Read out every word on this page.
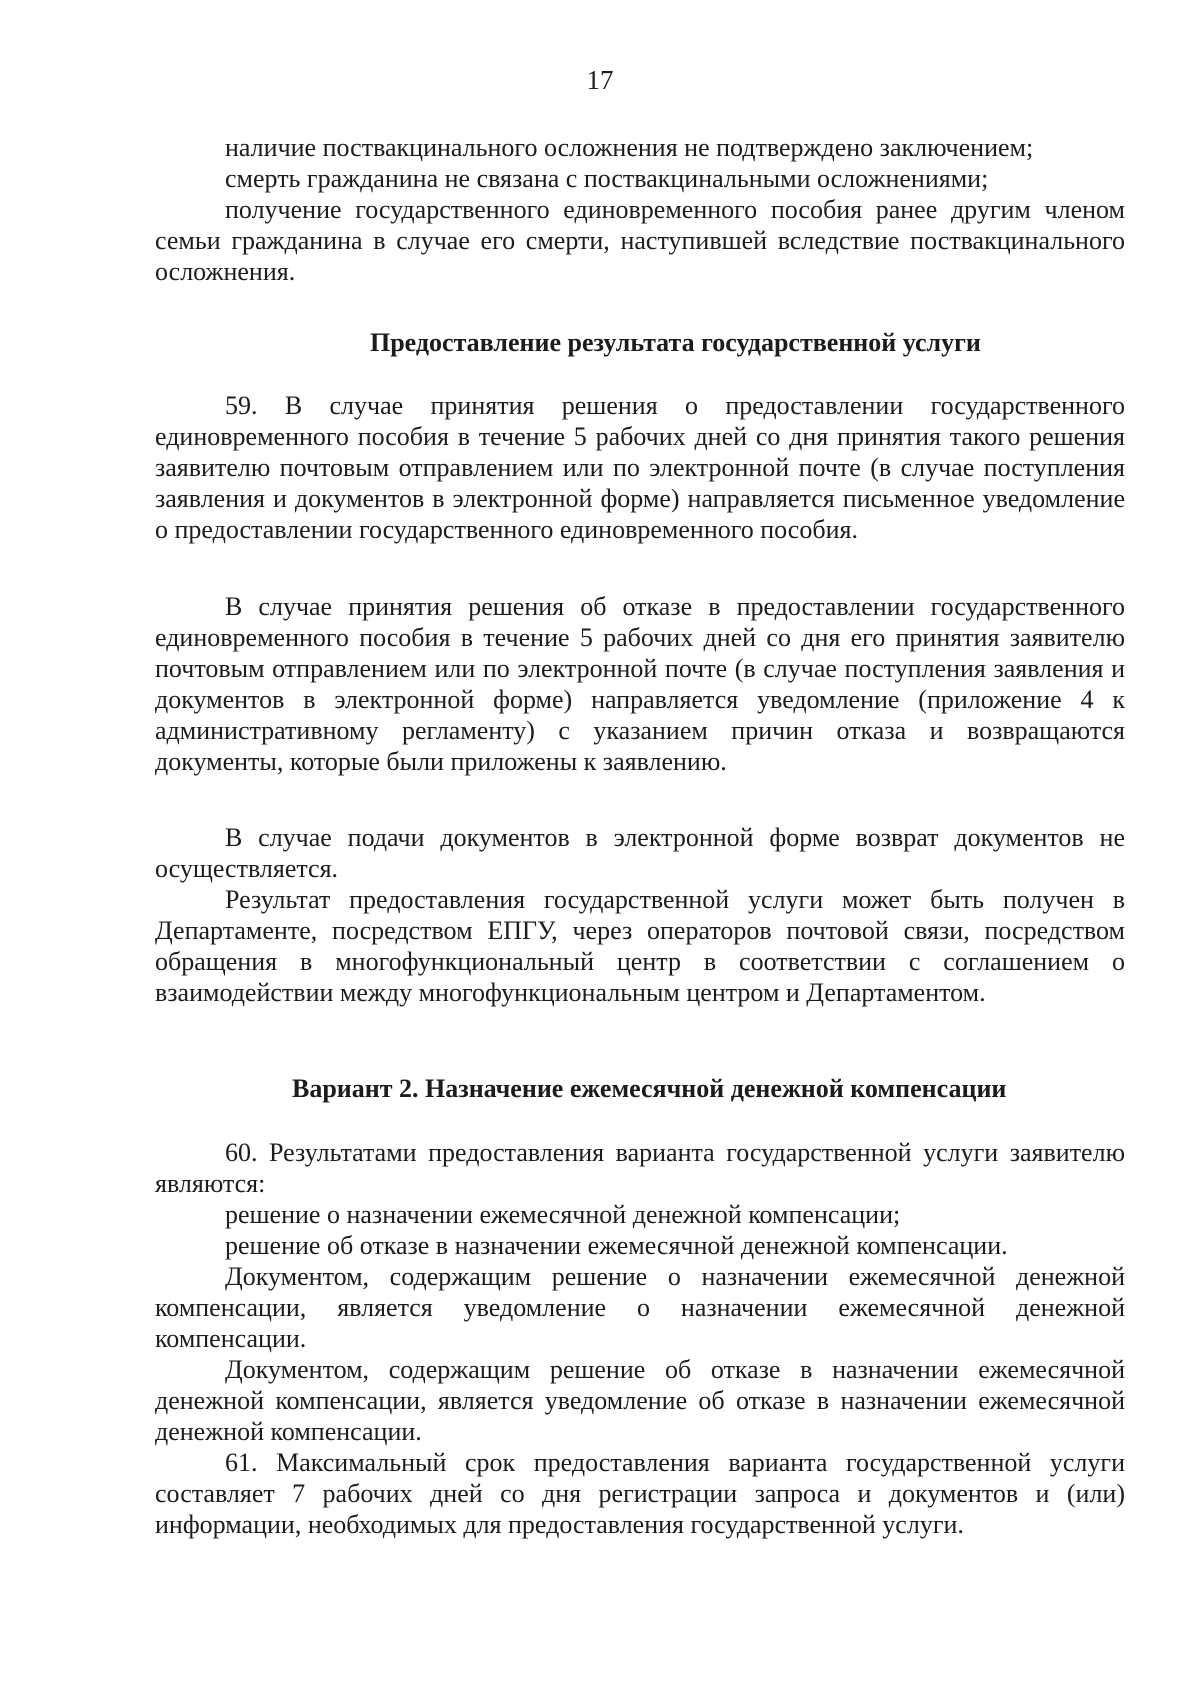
17

наличие поствакцинального осложнения не подтверждено заключением;

смерть гражданина не связана с поствакцинальными осложнениями;

получение государственного единовременного пособия ранее другим членом семьи гражданина в случае его смерти, наступившей вследствие поствакцинального осложнения.

Предоставление результата государственной услуги

59. В случае принятия решения о предоставлении государственного единовременного пособия в течение 5 рабочих дней со дня принятия такого решения заявителю почтовым отправлением или по электронной почте (в случае поступления заявления и документов в электронной форме) направляется письменное уведомление о предоставлении государственного единовременного пособия.

В случае принятия решения об отказе в предоставлении государственного единовременного пособия в течение 5 рабочих дней со дня его принятия заявителю почтовым отправлением или по электронной почте (в случае поступления заявления и документов в электронной форме) направляется уведомление (приложение 4 к административному регламенту) с указанием причин отказа и возвращаются документы, которые были приложены к заявлению.

В случае подачи документов в электронной форме возврат документов не осуществляется.

Результат предоставления государственной услуги может быть получен в Департаменте, посредством ЕПГУ, через операторов почтовой связи, посредством обращения в многофункциональный центр в соответствии с соглашением о взаимодействии между многофункциональным центром и Департаментом.

Вариант 2. Назначение ежемесячной денежной компенсации

60. Результатами предоставления варианта государственной услуги заявителю являются:

решение о назначении ежемесячной денежной компенсации;

решение об отказе в назначении ежемесячной денежной компенсации.

Документом, содержащим решение о назначении ежемесячной денежной компенсации, является уведомление о назначении ежемесячной денежной компенсации.

Документом, содержащим решение об отказе в назначении ежемесячной денежной компенсации, является уведомление об отказе в назначении ежемесячной денежной компенсации.

61. Максимальный срок предоставления варианта государственной услуги составляет 7 рабочих дней со дня регистрации запроса и документов и (или) информации, необходимых для предоставления государственной услуги.
